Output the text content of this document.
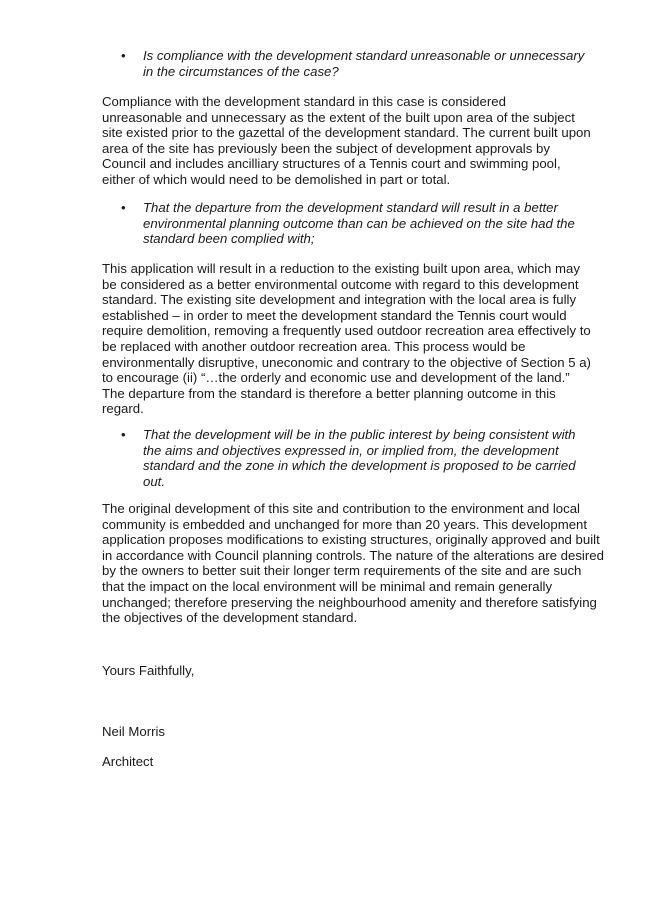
• Is compliance with the development standard unreasonable or unnecessary
in the circumstances of the case?
Compliance with the development standard in this case is considered
unreasonable and unnecessary as the extent of the built upon area of the subject
site existed prior to the gazettal of the development standard. The current built upon
area of the site has previously been the subject of development approvals by
Council and includes ancilliary structures of a Tennis court and swimming pool,
either of which would need to be demolished in part or total.
• That the departure from the development standard will result in a better
environmental planning outcome than can be achieved on the site had the
standard been complied with;
This application will result in a reduction to the existing built upon area, which may
be considered as a better environmental outcome with regard to this development
standard. The existing site development and integration with the local area is fully
established – in order to meet the development standard the Tennis court would
require demolition, removing a frequently used outdoor recreation area effectively to
be replaced with another outdoor recreation area. This process would be
environmentally disruptive, uneconomic and contrary to the objective of Section 5 a)
to encourage (ii) “…the orderly and economic use and development of the land.”
The departure from the standard is therefore a better planning outcome in this
regard.
• That the development will be in the public interest by being consistent with
the aims and objectives expressed in, or implied from, the development
standard and the zone in which the development is proposed to be carried
out.
The original development of this site and contribution to the environment and local
community is embedded and unchanged for more than 20 years. This development
application proposes modifications to existing structures, originally approved and built
in accordance with Council planning controls. The nature of the alterations are desired
by the owners to better suit their longer term requirements of the site and are such
that the impact on the local environment will be minimal and remain generally
unchanged; therefore preserving the neighbourhood amenity and therefore satisfying
the objectives of the development standard.
Yours Faithfully,
Neil Morris
Architect
